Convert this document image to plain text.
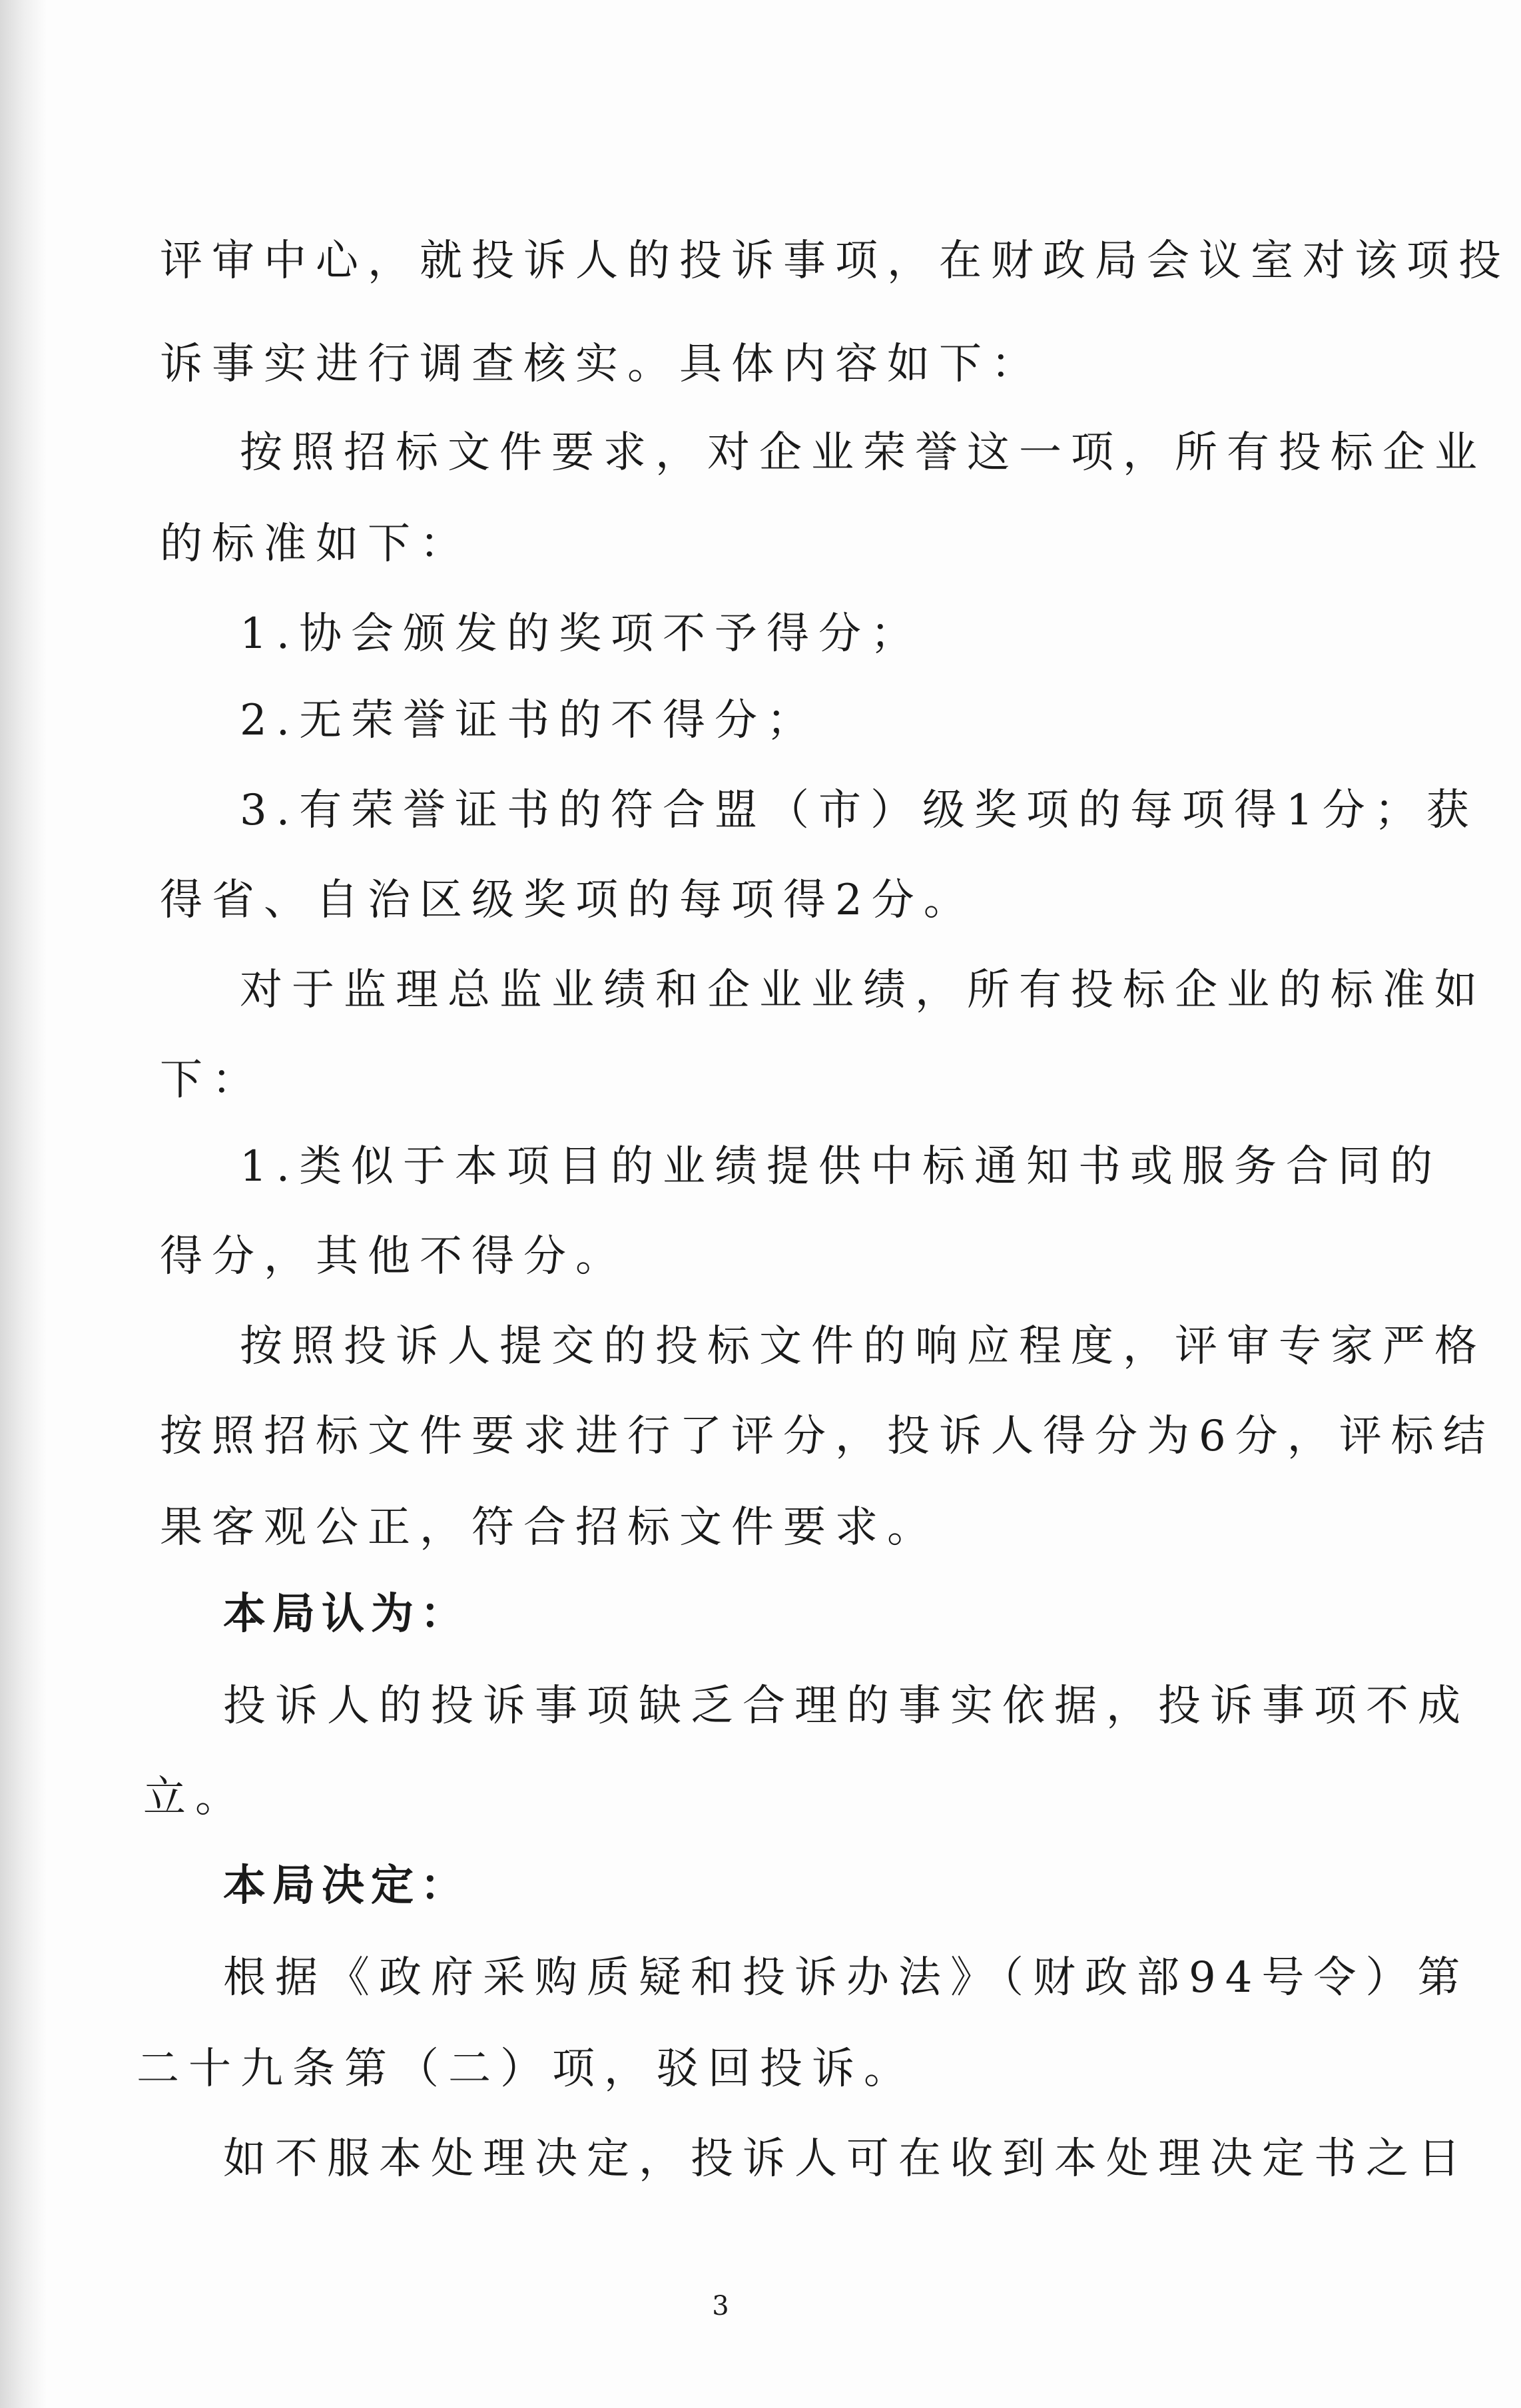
评审中心，就投诉人的投诉事项，在财政局会议室对该项投
诉事实进行调查核实。具体内容如下：
按照招标文件要求，对企业荣誉这一项，所有投标企业
的标准如下：
1.协会颁发的奖项不予得分；
2.无荣誉证书的不得分；
3.有荣誉证书的符合盟（市）级奖项的每项得1分；获
得省、自治区级奖项的每项得2分。
对于监理总监业绩和企业业绩，所有投标企业的标准如
下：
1.类似于本项目的业绩提供中标通知书或服务合同的
得分，其他不得分。
按照投诉人提交的投标文件的响应程度，评审专家严格
按照招标文件要求进行了评分，投诉人得分为6分，评标结
果客观公正，符合招标文件要求。
本局认为：
投诉人的投诉事项缺乏合理的事实依据，投诉事项不成
立。
本局决定：
根据《政府采购质疑和投诉办法》（财政部94号令）第
二十九条第（二）项，驳回投诉。
如不服本处理决定，投诉人可在收到本处理决定书之日
3
